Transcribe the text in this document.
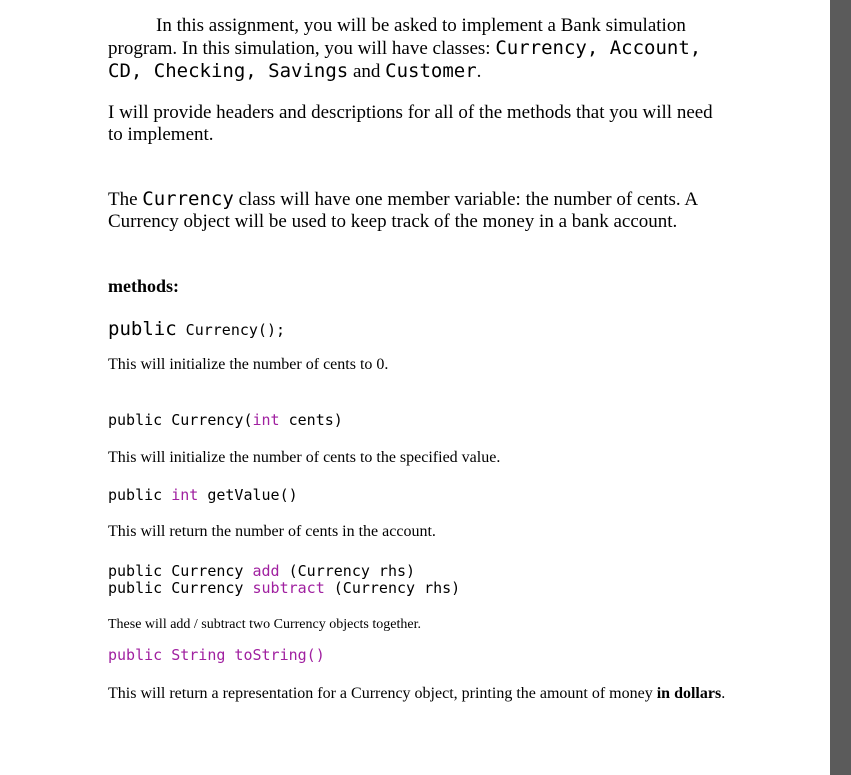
In this assignment, you will be asked to implement a Bank simulation
program. In this simulation, you will have classes: Currency, Account,
CD, Checking, Savings and Customer.
I will provide headers and descriptions for all of the methods that you will need to implement.
The Currency class will have one member variable: the number of cents. A Currency object will be used to keep track of the money in a bank account.
methods:
public Currency();
This will initialize the number of cents to 0.
public Currency(int cents)
This will initialize the number of cents to the specified value.
public int getValue()
This will return the number of cents in the account.
public Currency add (Currency rhs)
public Currency subtract (Currency rhs)
These will add / subtract two Currency objects together.
public String toString()
This will return a representation for a Currency object, printing the amount of money in dollars.
